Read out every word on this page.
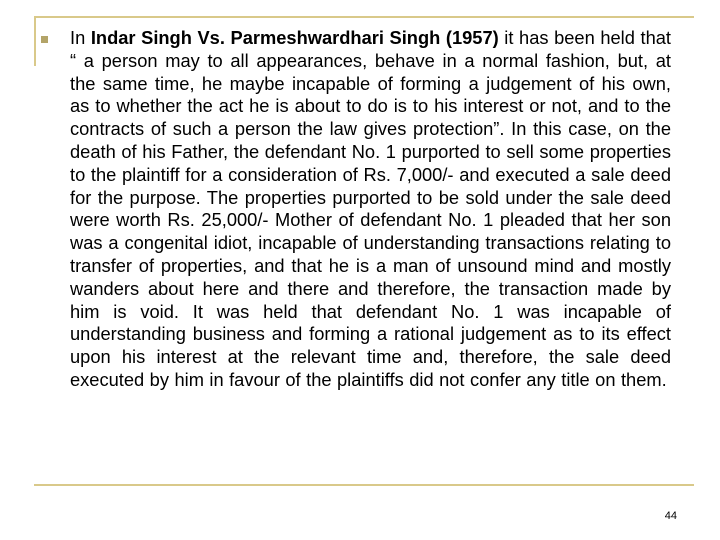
In Indar Singh Vs. Parmeshwardhari Singh (1957) it has been held that “ a person may to all appearances, behave in a normal fashion, but, at the same time, he maybe incapable of forming a judgement of his own, as to whether the act he is about to do is to his interest or not, and to the contracts of such a person the law gives protection”. In this case, on the death of his Father, the defendant No. 1 purported to sell some properties to the plaintiff for a consideration of Rs. 7,000/- and executed a sale deed for the purpose. The properties purported to be sold under the sale deed were worth Rs. 25,000/- Mother of defendant No. 1 pleaded that her son was a congenital idiot, incapable of understanding transactions relating to transfer of properties, and that he is a man of unsound mind and mostly wanders about here and there and therefore, the transaction made by him is void. It was held that defendant No. 1 was incapable of understanding business and forming a rational judgement as to its effect upon his interest at the relevant time and, therefore, the sale deed executed by him in favour of the plaintiffs did not confer any title on them.

44
